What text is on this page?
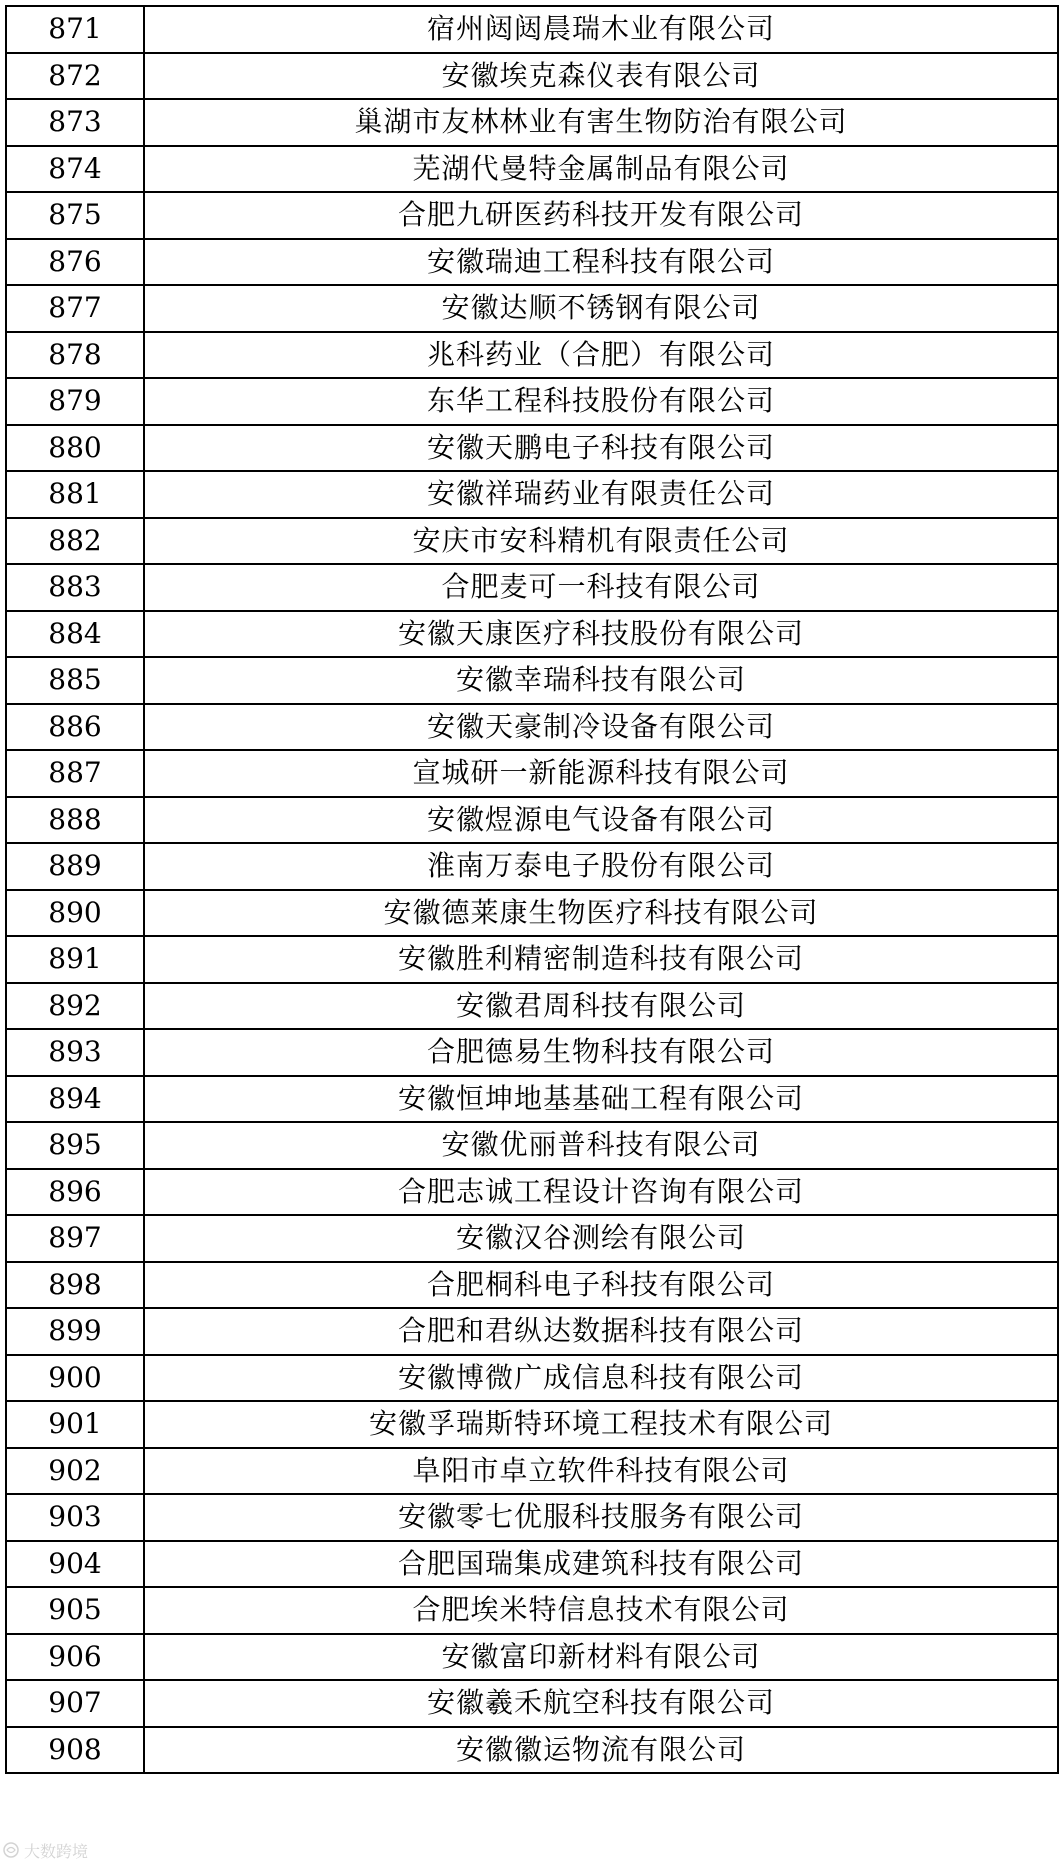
871	宿州闼闼晨瑞木业有限公司
872	安徽埃克森仪表有限公司
873	巢湖市友林林业有害生物防治有限公司
874	芜湖代曼特金属制品有限公司
875	合肥九研医药科技开发有限公司
876	安徽瑞迪工程科技有限公司
877	安徽达顺不锈钢有限公司
878	兆科药业（合肥）有限公司
879	东华工程科技股份有限公司
880	安徽天鹏电子科技有限公司
881	安徽祥瑞药业有限责任公司
882	安庆市安科精机有限责任公司
883	合肥麦可一科技有限公司
884	安徽天康医疗科技股份有限公司
885	安徽幸瑞科技有限公司
886	安徽天豪制冷设备有限公司
887	宣城研一新能源科技有限公司
888	安徽煜源电气设备有限公司
889	淮南万泰电子股份有限公司
890	安徽德莱康生物医疗科技有限公司
891	安徽胜利精密制造科技有限公司
892	安徽君周科技有限公司
893	合肥德易生物科技有限公司
894	安徽恒坤地基基础工程有限公司
895	安徽优丽普科技有限公司
896	合肥志诚工程设计咨询有限公司
897	安徽汉谷测绘有限公司
898	合肥桐科电子科技有限公司
899	合肥和君纵达数据科技有限公司
900	安徽博微广成信息科技有限公司
901	安徽孚瑞斯特环境工程技术有限公司
902	阜阳市卓立软件科技有限公司
903	安徽零七优服科技服务有限公司
904	合肥国瑞集成建筑科技有限公司
905	合肥埃米特信息技术有限公司
906	安徽富印新材料有限公司
907	安徽羲禾航空科技有限公司
908	安徽徽运物流有限公司
大数跨境
